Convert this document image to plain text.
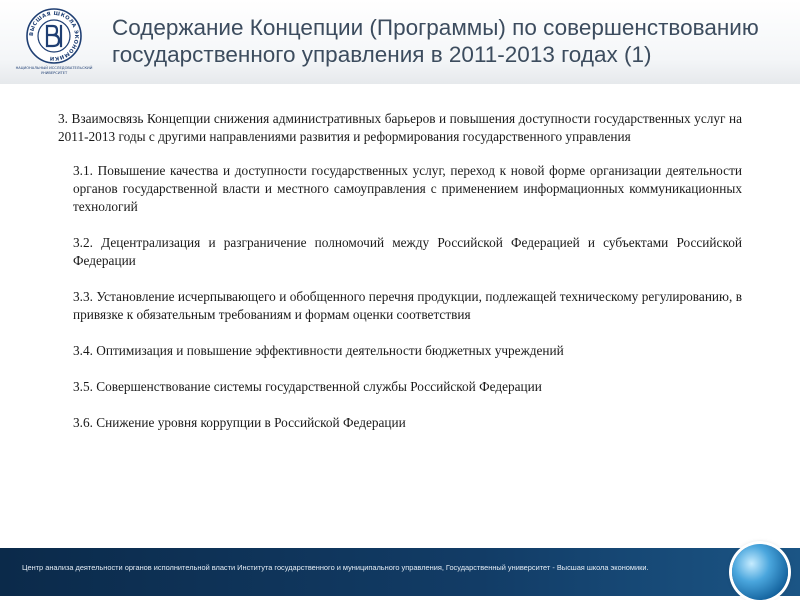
ВЫСШАЯ ШКОЛА ЭКОНОМИКИ
НАЦИОНАЛЬНЫЙ ИССЛЕДОВАТЕЛЬСКИЙ
УНИВЕРСИТЕТ
Содержание Концепции (Программы) по совершенствованию государственного управления в 2011-2013 годах (1)

3. Взаимосвязь Концепции снижения административных барьеров и повышения доступности государственных услуг на 2011-2013 годы с другими направлениями развития и реформирования государственного управления

3.1. Повышение качества и доступности государственных услуг, переход к новой форме организации деятельности органов государственной власти и местного самоуправления с применением информационных коммуникационных технологий
3.2. Децентрализация и разграничение полномочий между Российской Федерацией и субъектами Российской Федерации
3.3. Установление исчерпывающего и обобщенного перечня продукции, подлежащей техническому регулированию, в привязке к обязательным требованиям и формам оценки соответствия
3.4. Оптимизация и повышение эффективности деятельности бюджетных учреждений
3.5. Совершенствование системы государственной службы Российской Федерации
3.6. Снижение уровня коррупции в Российской Федерации
Центр анализа деятельности органов исполнительной власти Института государственного и муниципального управления, Государственный университет - Высшая школа экономики.
